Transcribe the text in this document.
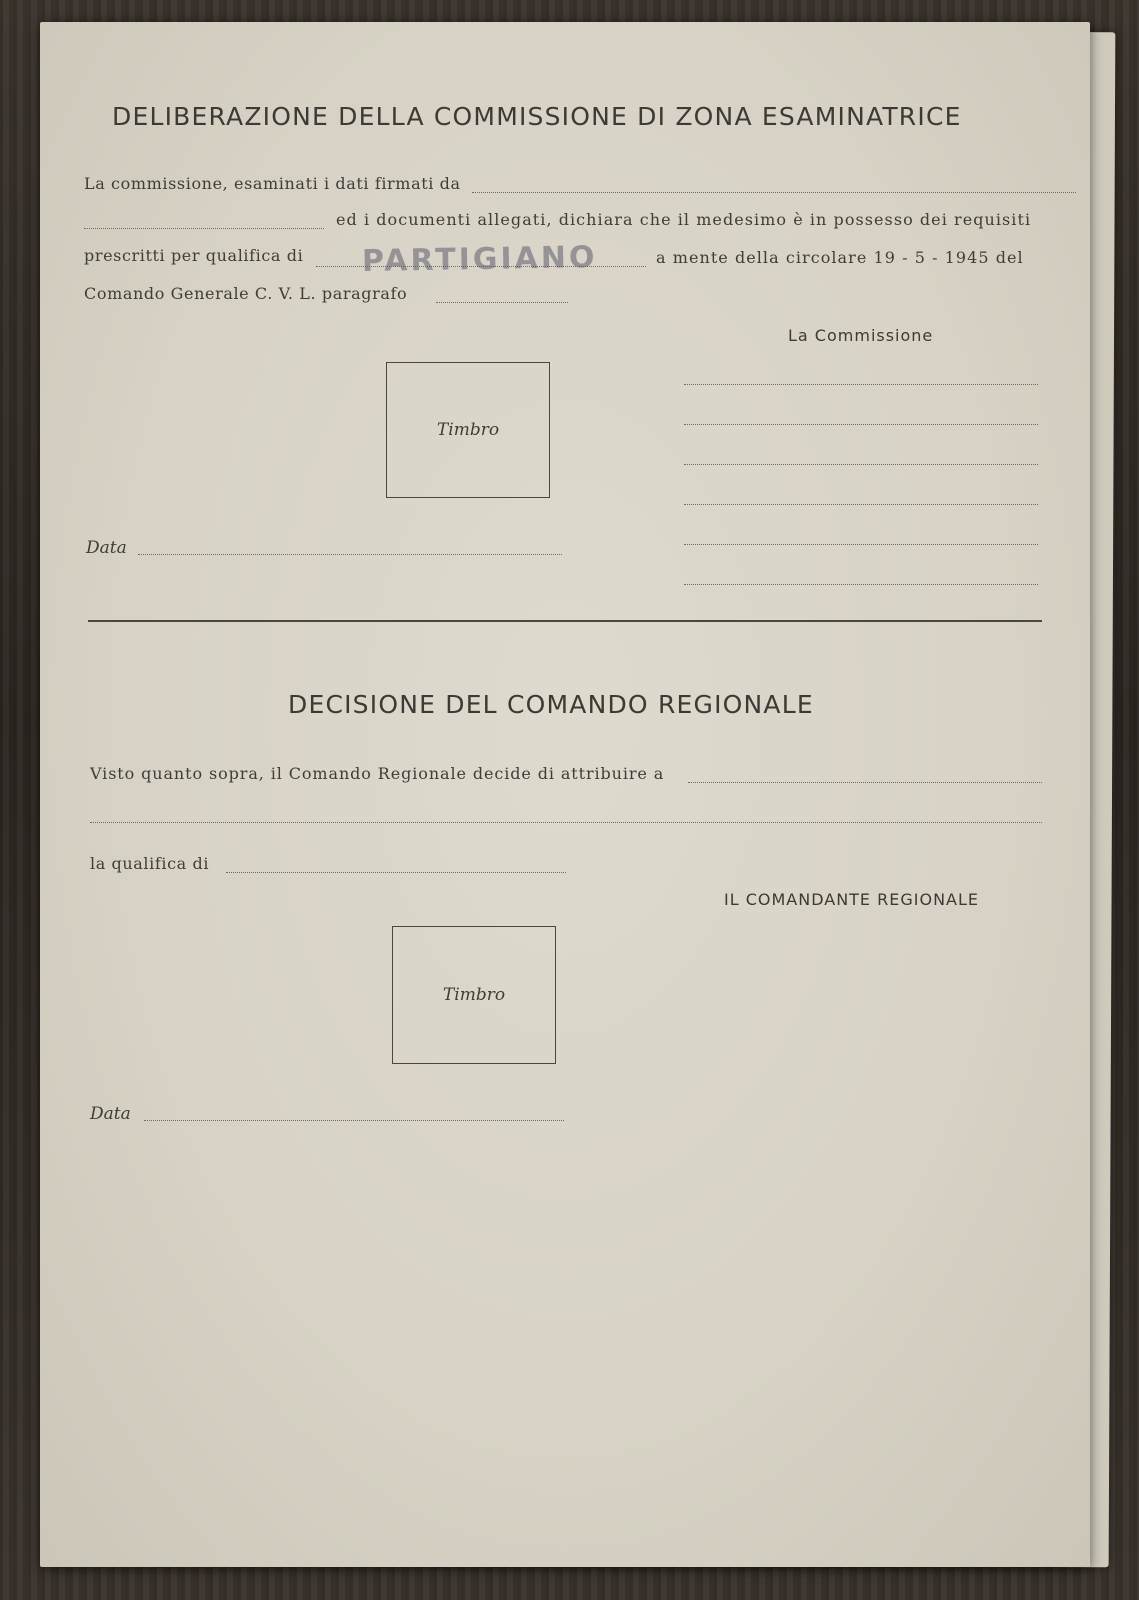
DELIBERAZIONE DELLA COMMISSIONE DI ZONA ESAMINATRICE
La commissione, esaminati i dati firmati da
ed i documenti allegati, dichiara che il medesimo è in possesso dei requisiti
prescritti per qualifica di PARTIGIANO	a mente della circolare 19 - 5 - 1945 del
Comando Generale C. V. L. paragrafo
La Commissione
Timbro
Data
DECISIONE DEL COMANDO REGIONALE
Visto quanto sopra, il Comando Regionale decide di attribuire a
la qualifica di
IL COMANDANTE REGIONALE
Timbro
Data
